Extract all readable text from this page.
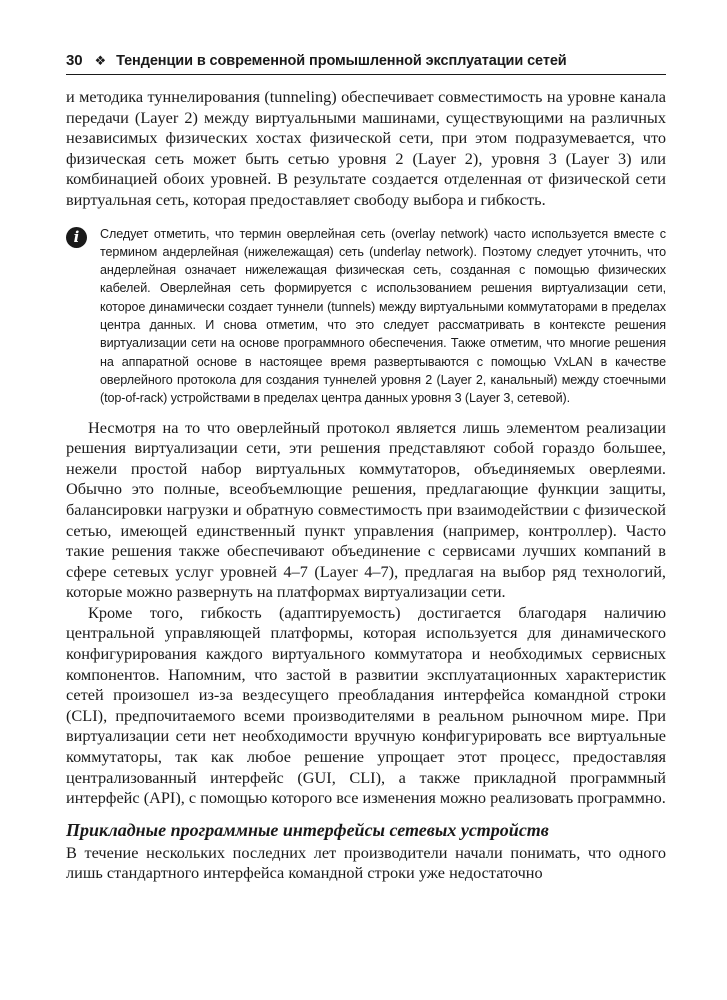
30 ❖ Тенденции в современной промышленной эксплуатации сетей

и методика туннелирования (tunneling) обеспечивает совместимость на уровне канала передачи (Layer 2) между виртуальными машинами, существующими на различных независимых физических хостах физической сети, при этом подразумевается, что физическая сеть может быть сетью уровня 2 (Layer 2), уровня 3 (Layer 3) или комбинацией обоих уровней. В результате создается отделенная от физической сети виртуальная сеть, которая предоставляет свободу выбора и гибкость.

i	Следует отметить, что термин оверлейная сеть (overlay network) часто используется вместе с термином андерлейная (нижележащая) сеть (underlay network). Поэтому следует уточнить, что андерлейная означает нижележащая физическая сеть, созданная с помощью физических кабелей. Оверлейная сеть формируется с использованием решения виртуализации сети, которое динамически создает туннели (tunnels) между виртуальными коммутаторами в пределах центра данных. И снова отметим, что это следует рассматривать в контексте решения виртуализации сети на основе программного обеспечения. Также отметим, что многие решения на аппаратной основе в настоящее время развертываются с помощью VxLAN в качестве оверлейного протокола для создания туннелей уровня 2 (Layer 2, канальный) между стоечными (top-of-rack) устройствами в пределах центра данных уровня 3 (Layer 3, сетевой).

Несмотря на то что оверлейный протокол является лишь элементом реализации решения виртуализации сети, эти решения представляют собой гораздо большее, нежели простой набор виртуальных коммутаторов, объединяемых оверлеями. Обычно это полные, всеобъемлющие решения, предлагающие функции защиты, балансировки нагрузки и обратную совместимость при взаимодействии с физической сетью, имеющей единственный пункт управления (например, контроллер). Часто такие решения также обеспечивают объединение с сервисами лучших компаний в сфере сетевых услуг уровней 4–7 (Layer 4–7), предлагая на выбор ряд технологий, которые можно развернуть на платформах виртуализации сети.

Кроме того, гибкость (адаптируемость) достигается благодаря наличию центральной управляющей платформы, которая используется для динамического конфигурирования каждого виртуального коммутатора и необходимых сервисных компонентов. Напомним, что застой в развитии эксплуатационных характеристик сетей произошел из-за вездесущего преобладания интерфейса командной строки (CLI), предпочитаемого всеми производителями в реальном рыночном мире. При виртуализации сети нет необходимости вручную конфигурировать все виртуальные коммутаторы, так как любое решение упрощает этот процесс, предоставляя централизованный интерфейс (GUI, CLI), а также прикладной программный интерфейс (API), с помощью которого все изменения можно реализовать программно.

Прикладные программные интерфейсы сетевых устройств

В течение нескольких последних лет производители начали понимать, что одного лишь стандартного интерфейса командной строки уже недостаточно
